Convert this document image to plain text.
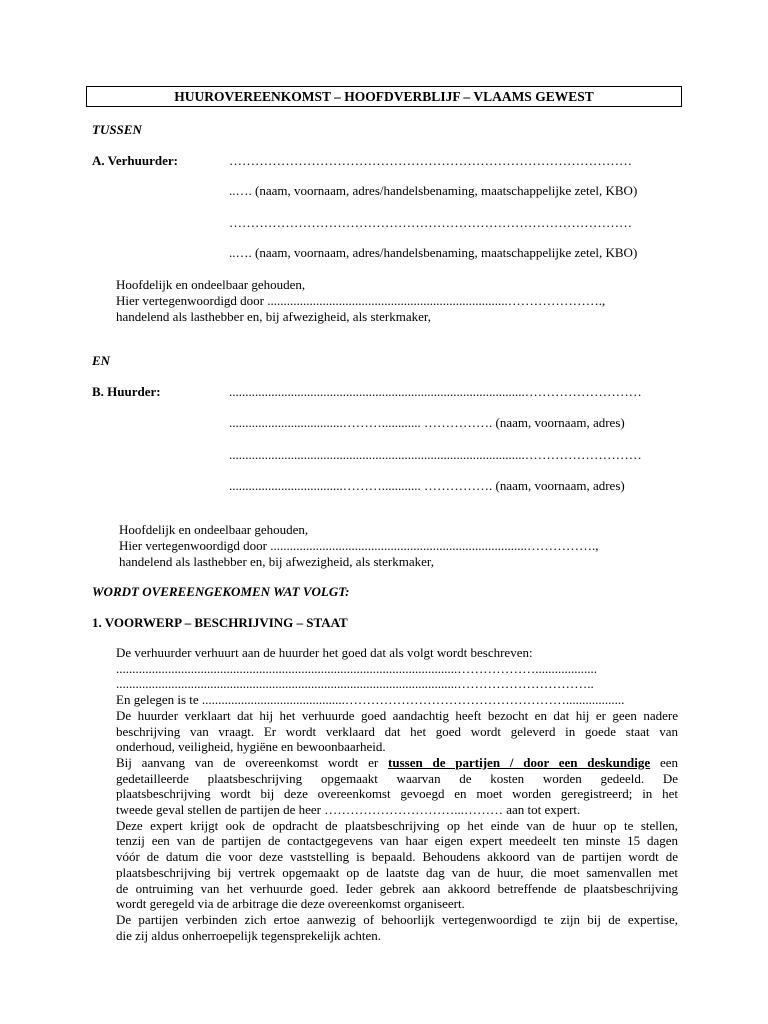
HUUROVEREENKOMST – HOOFDVERBLIJF – VLAAMS GEWEST
TUSSEN
A. Verhuurder:	…………………………………………………………………………………
..…. (naam, voornaam, adres/handelsbenaming, maatschappelijke zetel, KBO)
…………………………………………………………………………………
..…. (naam, voornaam, adres/handelsbenaming, maatschappelijke zetel, KBO)
Hoofdelijk en ondeelbaar gehouden,
Hier vertegenwoordigd door ..........................................................................………………….,
handelend als lasthebber en, bij afwezigheid, als sterkmaker,
EN
B. Huurder:	...........................................................................................………………………
...................................………............ ……………. (naam, voornaam, adres)
...........................................................................................………………………
...................................………............ ……………. (naam, voornaam, adres)
Hoofdelijk en ondeelbaar gehouden,
Hier vertegenwoordigd door ...............................................................................…………….,
handelend als lasthebber en, bij afwezigheid, als sterkmaker,
WORDT OVEREENGEKOMEN WAT VOLGT:
1. VOORWERP – BESCHRIJVING – STAAT
De verhuurder verhuurt aan de huurder het goed dat als volgt wordt beschreven:
.........................................................................................................………………...................
.........................................................................................................…………………………..
En gelegen is te ............................................……………………………………………..................
De huurder verklaart dat hij het verhuurde goed aandachtig heeft bezocht en dat hij er geen nadere
beschrijving van vraagt. Er wordt verklaard dat het goed wordt geleverd in goede staat van
onderhoud, veiligheid, hygiëne en bewoonbaarheid.
Bij aanvang van de overeenkomst wordt er tussen de partijen / door een deskundige een
gedetailleerde plaatsbeschrijving opgemaakt waarvan de kosten worden gedeeld. De
plaatsbeschrijving wordt bij deze overeenkomst gevoegd en moet worden geregistreerd; in het
tweede geval stellen de partijen de heer …………………………...……… aan tot expert.
Deze expert krijgt ook de opdracht de plaatsbeschrijving op het einde van de huur op te stellen,
tenzij een van de partijen de contactgegevens van haar eigen expert meedeelt ten minste 15 dagen
vóór de datum die voor deze vaststelling is bepaald. Behoudens akkoord van de partijen wordt de
plaatsbeschrijving bij vertrek opgemaakt op de laatste dag van de huur, die moet samenvallen met
de ontruiming van het verhuurde goed. Ieder gebrek aan akkoord betreffende de plaatsbeschrijving
wordt geregeld via de arbitrage die deze overeenkomst organiseert.
De partijen verbinden zich ertoe aanwezig of behoorlijk vertegenwoordigd te zijn bij de expertise,
die zij aldus onherroepelijk tegensprekelijk achten.
